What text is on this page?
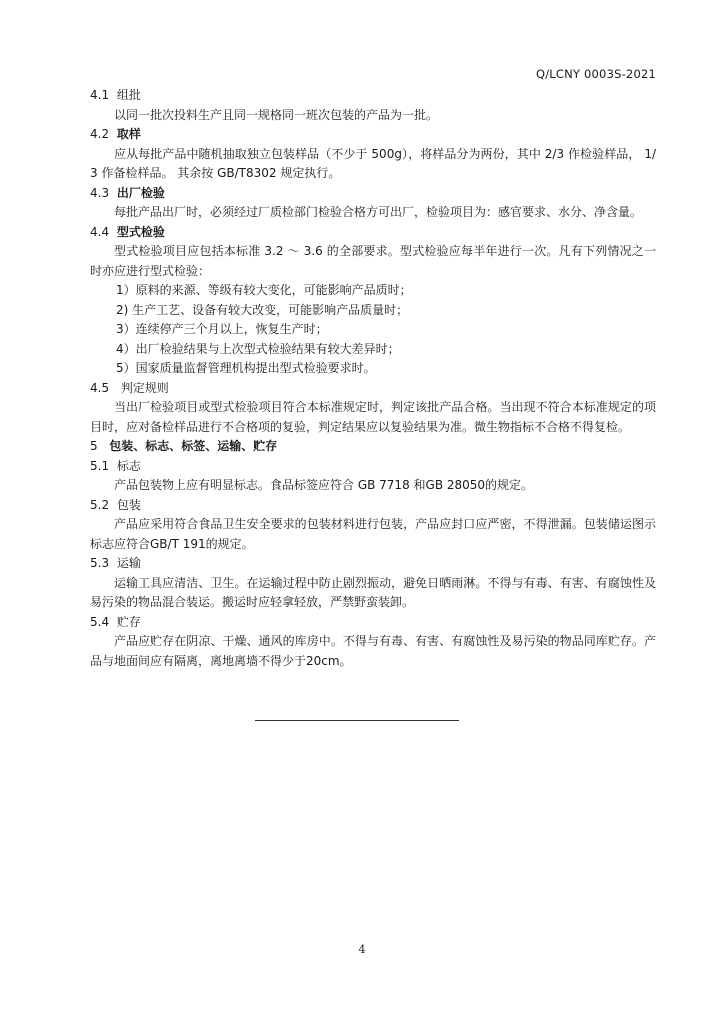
Q/LCNY 0003S-2021

4.1 组批

以同一批次投料生产且同一规格同一班次包装的产品为一批。

4.2 取样

应从每批产品中随机抽取独立包装样品（不少于 500g），将样品分为两份，其中 2/3 作检验样品， 1/3 作备检样品。 其余按 GB/T8302 规定执行。

4.3 出厂检验

每批产品出厂时，必须经过厂质检部门检验合格方可出厂，检验项目为：感官要求、水分、净含量。

4.4 型式检验

型式检验项目应包括本标准 3.2 ～ 3.6 的全部要求。型式检验应每半年进行一次。凡有下列情况之一时亦应进行型式检验：

1）原料的来源、等级有较大变化，可能影响产品质时；

2) 生产工艺、设备有较大改变，可能影响产品质量时；

3）连续停产三个月以上，恢复生产时；

4）出厂检验结果与上次型式检验结果有较大差异时；

5）国家质量监督管理机构提出型式检验要求时。

4.5 判定规则

当出厂检验项目或型式检验项目符合本标准规定时，判定该批产品合格。当出现不符合本标准规定的项目时，应对备检样品进行不合格项的复验，判定结果应以复验结果为准。微生物指标不合格不得复检。

5 包装、标志、标签、运输、贮存

5.1 标志

产品包装物上应有明显标志。食品标签应符合 GB 7718 和GB 28050的规定。

5.2 包装

产品应采用符合食品卫生安全要求的包装材料进行包装，产品应封口应严密，不得泄漏。包装储运图示标志应符合GB/T 191的规定。

5.3 运输

运输工具应清洁、卫生。在运输过程中防止剧烈振动，避免日晒雨淋。不得与有毒、有害、有腐蚀性及易污染的物品混合装运。搬运时应轻拿轻放，严禁野蛮装卸。

5.4 贮存

产品应贮存在阴凉、干燥、通风的库房中。不得与有毒、有害、有腐蚀性及易污染的物品同库贮存。产品与地面间应有隔离，离地离墙不得少于20cm。

4
